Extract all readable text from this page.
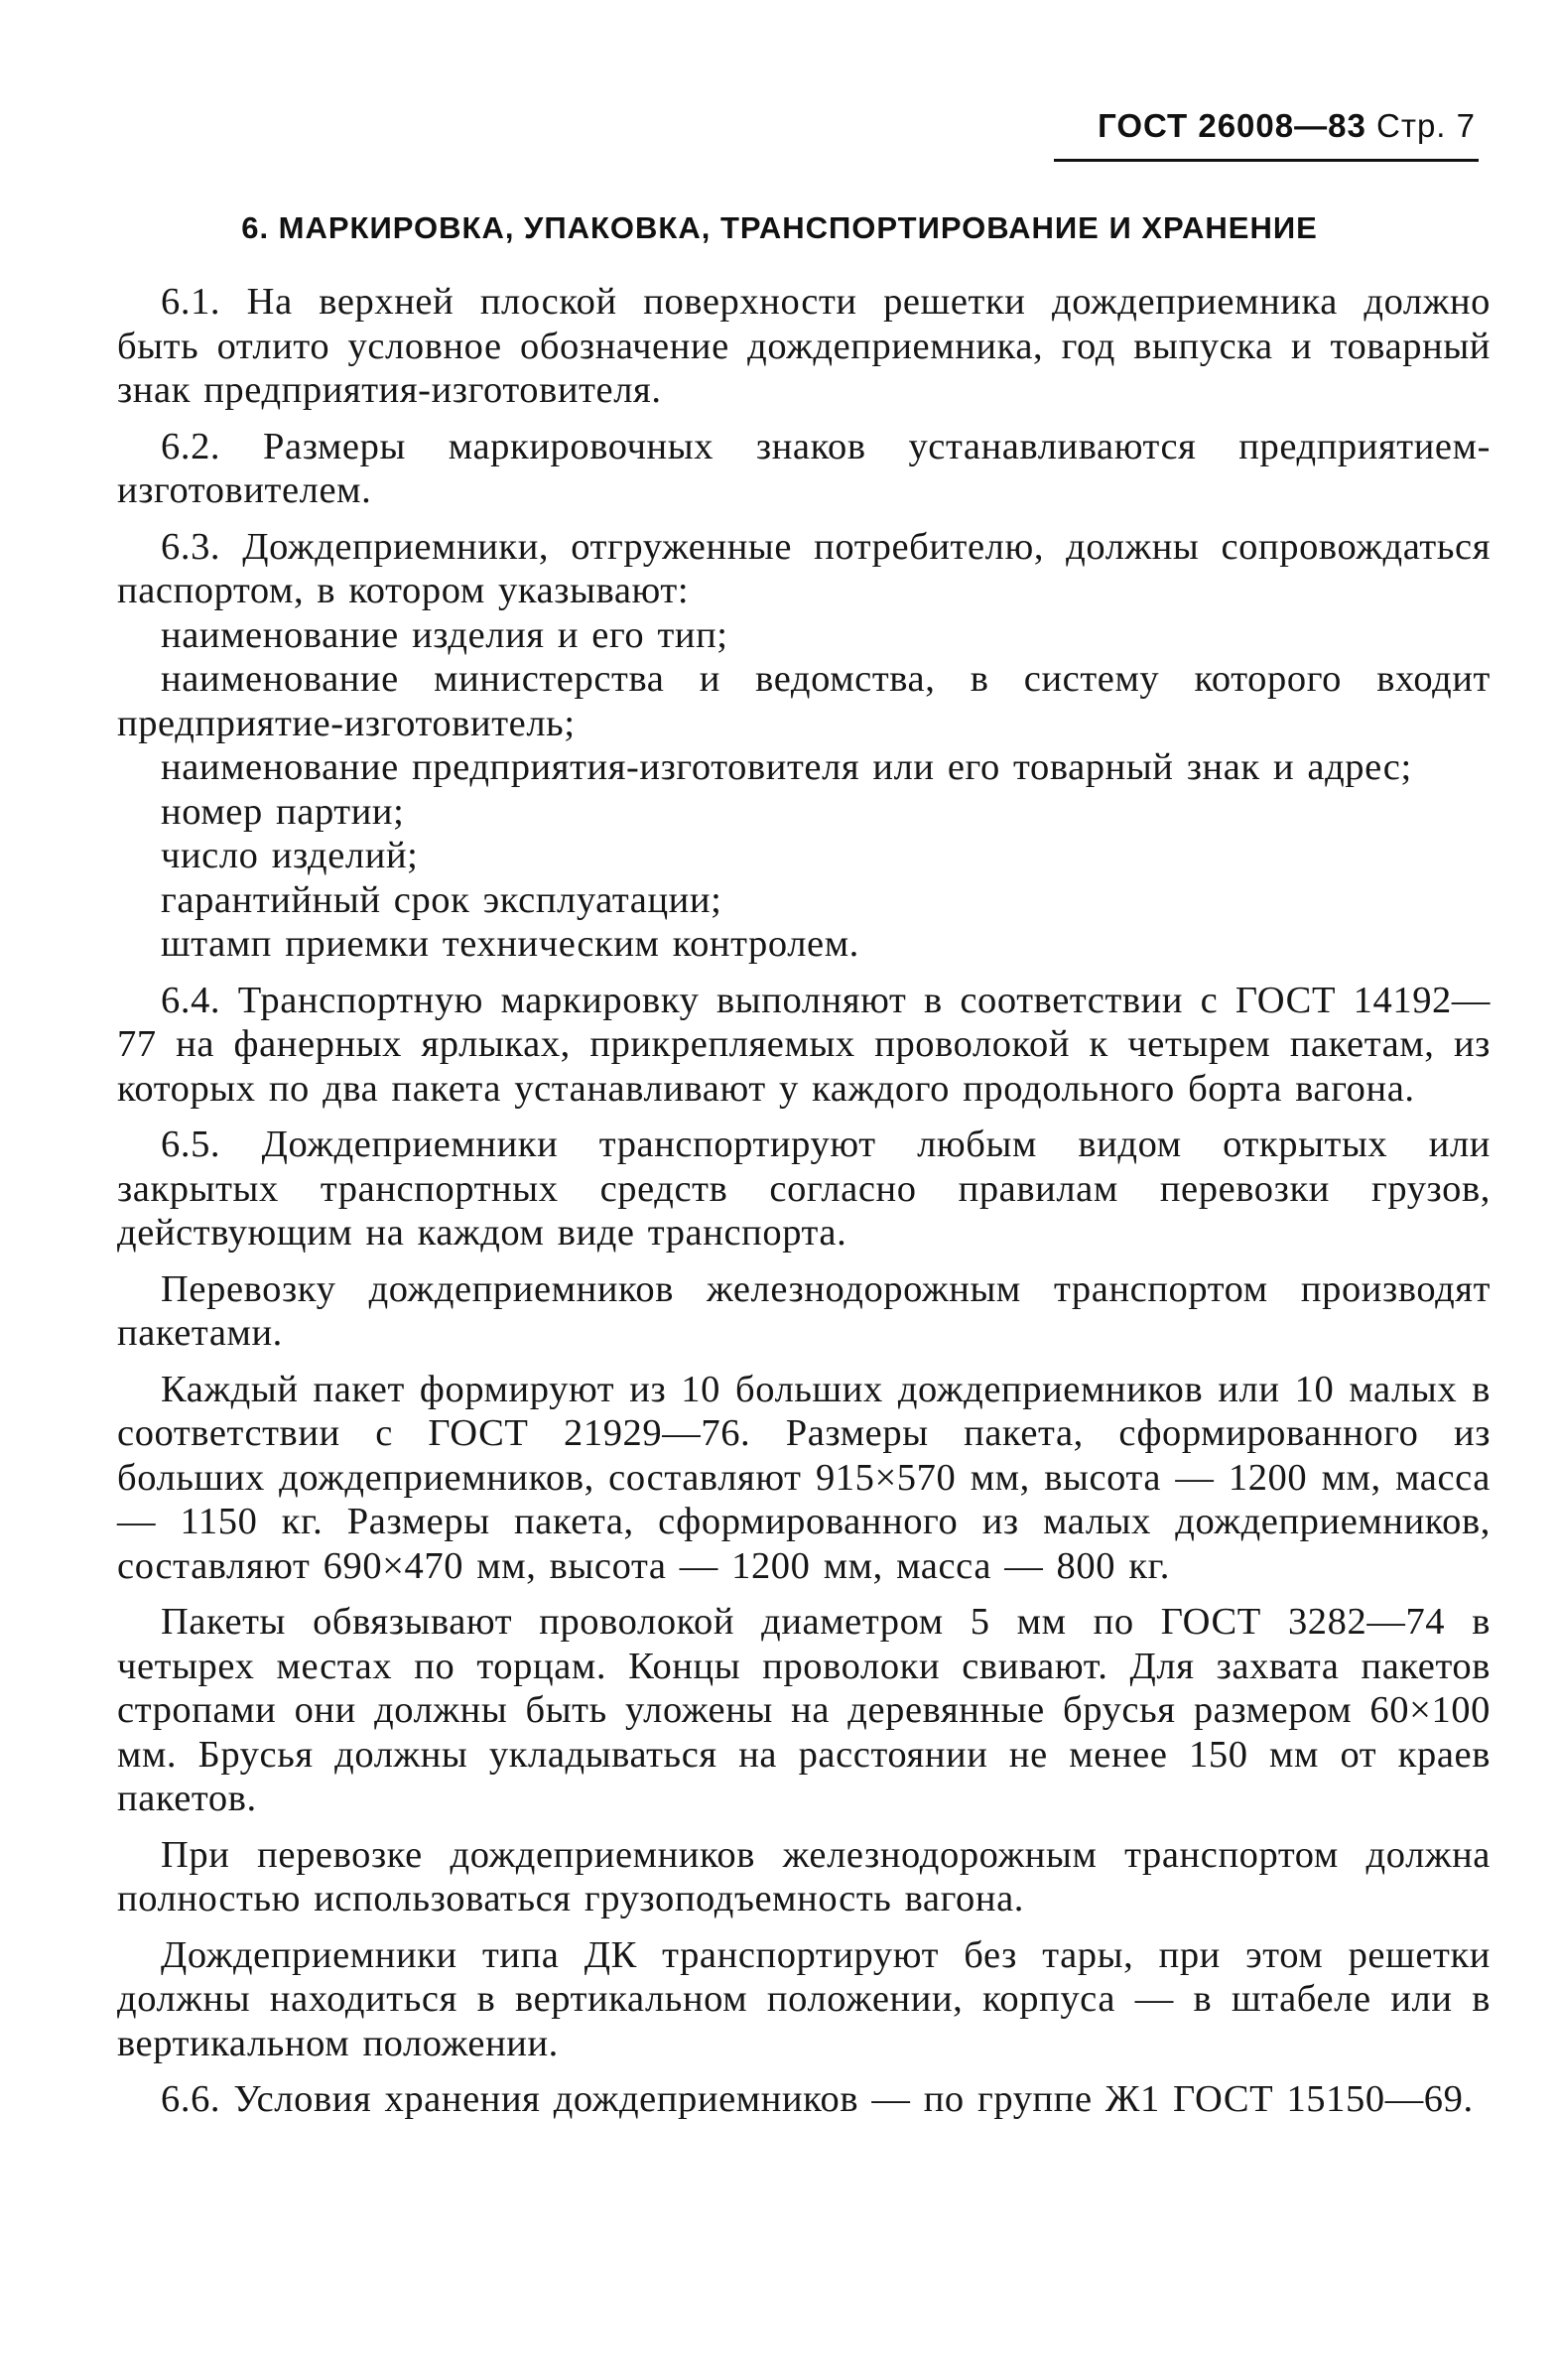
ГОСТ 26008—83 Стр. 7
6. МАРКИРОВКА, УПАКОВКА, ТРАНСПОРТИРОВАНИЕ И ХРАНЕНИЕ

6.1. На верхней плоской поверхности решетки дождеприемника должно быть отлито условное обозначение дождеприемника, год выпуска и товарный знак предприятия-изготовителя.

6.2. Размеры маркировочных знаков устанавливаются предприятием-изготовителем.

6.3. Дождеприемники, отгруженные потребителю, должны сопровождаться паспортом, в котором указывают:

наименование изделия и его тип;

наименование министерства и ведомства, в систему которого входит предприятие-изготовитель;

наименование предприятия-изготовителя или его товарный знак и адрес;

номер партии;

число изделий;

гарантийный срок эксплуатации;

штамп приемки техническим контролем.

6.4. Транспортную маркировку выполняют в соответствии с ГОСТ 14192—77 на фанерных ярлыках, прикрепляемых проволокой к четырем пакетам, из которых по два пакета устанавливают у каждого продольного борта вагона.

6.5. Дождеприемники транспортируют любым видом открытых или закрытых транспортных средств согласно правилам перевозки грузов, действующим на каждом виде транспорта.

Перевозку дождеприемников железнодорожным транспортом производят пакетами.

Каждый пакет формируют из 10 больших дождеприемников или 10 малых в соответствии с ГОСТ 21929—76. Размеры пакета, сформированного из больших дождеприемников, составляют 915×570 мм, высота — 1200 мм, масса — 1150 кг. Размеры пакета, сформированного из малых дождеприемников, составляют 690×470 мм, высота — 1200 мм, масса — 800 кг.

Пакеты обвязывают проволокой диаметром 5 мм по ГОСТ 3282—74 в четырех местах по торцам. Концы проволоки свивают. Для захвата пакетов стропами они должны быть уложены на деревянные брусья размером 60×100 мм. Брусья должны укладываться на расстоянии не менее 150 мм от краев пакетов.

При перевозке дождеприемников железнодорожным транспортом должна полностью использоваться грузоподъемность вагона.

Дождеприемники типа ДК транспортируют без тары, при этом решетки должны находиться в вертикальном положении, корпуса — в штабеле или в вертикальном положении.

6.6. Условия хранения дождеприемников — по группе Ж1 ГОСТ 15150—69.
